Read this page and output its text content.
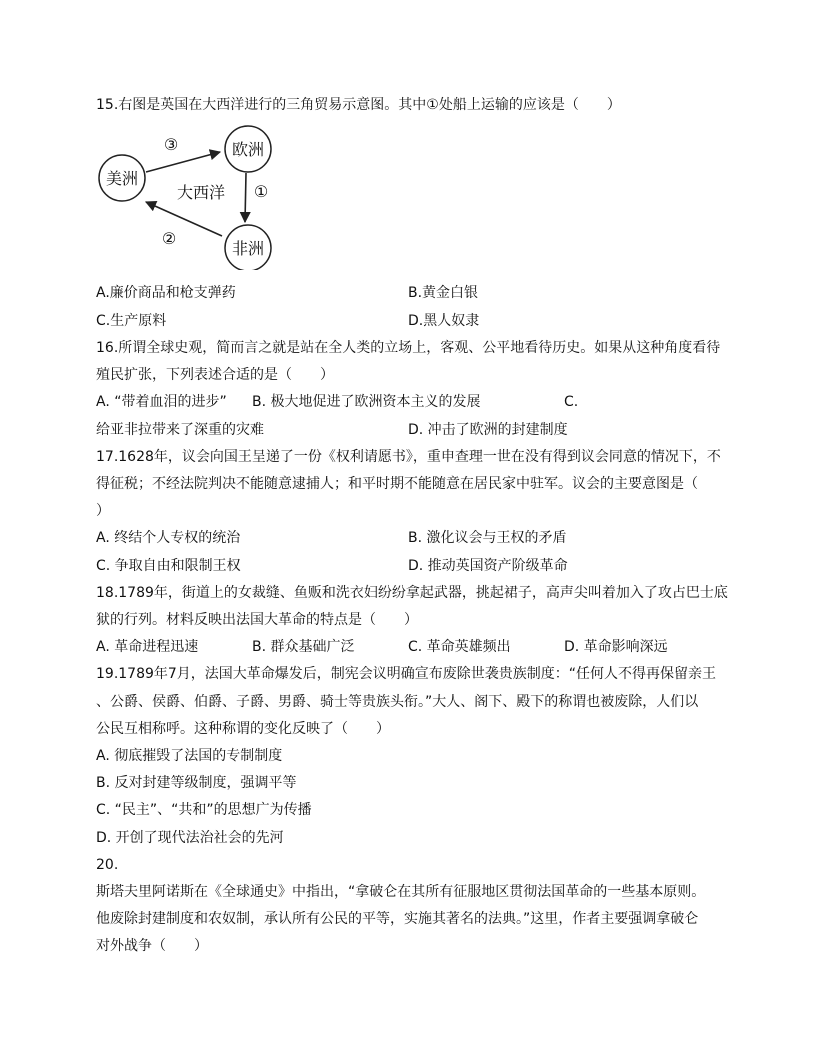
15.右图是英国在大西洋进行的三角贸易示意图。其中①处船上运输的应该是（　　）
美洲
欧洲
非洲
大西洋
③
①
②
A.廉价商品和枪支弹药	B.黄金白银
C.生产原料	D.黑人奴隶
16.所谓全球史观，简而言之就是站在全人类的立场上，客观、公平地看待历史。如果从这种角度看待
殖民扩张，下列表述合适的是（　　）
A. “带着血泪的进步” B. 极大地促进了欧洲资本主义的发展	C.
给亚非拉带来了深重的灾难	D. 冲击了欧洲的封建制度
17.1628年，议会向国王呈递了一份《权利请愿书》，重申查理一世在没有得到议会同意的情况下，不
得征税；不经法院判决不能随意逮捕人；和平时期不能随意在居民家中驻军。议会的主要意图是（
）
A. 终结个人专权的统治	B. 激化议会与王权的矛盾
C. 争取自由和限制王权	D. 推动英国资产阶级革命
18.1789年，街道上的女裁缝、鱼贩和洗衣妇纷纷拿起武器，挑起裙子，高声尖叫着加入了攻占巴士底
狱的行列。材料反映出法国大革命的特点是（　　）
A. 革命进程迅速	B. 群众基础广泛	C. 革命英雄频出	D. 革命影响深远
19.1789年7月，法国大革命爆发后，制宪会议明确宣布废除世袭贵族制度：“任何人不得再保留亲王
、公爵、侯爵、伯爵、子爵、男爵、骑士等贵族头衔。”大人、阁下、殿下的称谓也被废除，人们以
公民互相称呼。这种称谓的变化反映了（　　）
A. 彻底摧毁了法国的专制制度
B. 反对封建等级制度，强调平等
C. “民主”、“共和”的思想广为传播
D. 开创了现代法治社会的先河
20.
斯塔夫里阿诺斯在《全球通史》中指出，“拿破仑在其所有征服地区贯彻法国革命的一些基本原则。
他废除封建制度和农奴制，承认所有公民的平等，实施其著名的法典。”这里，作者主要强调拿破仑
对外战争（　　）
